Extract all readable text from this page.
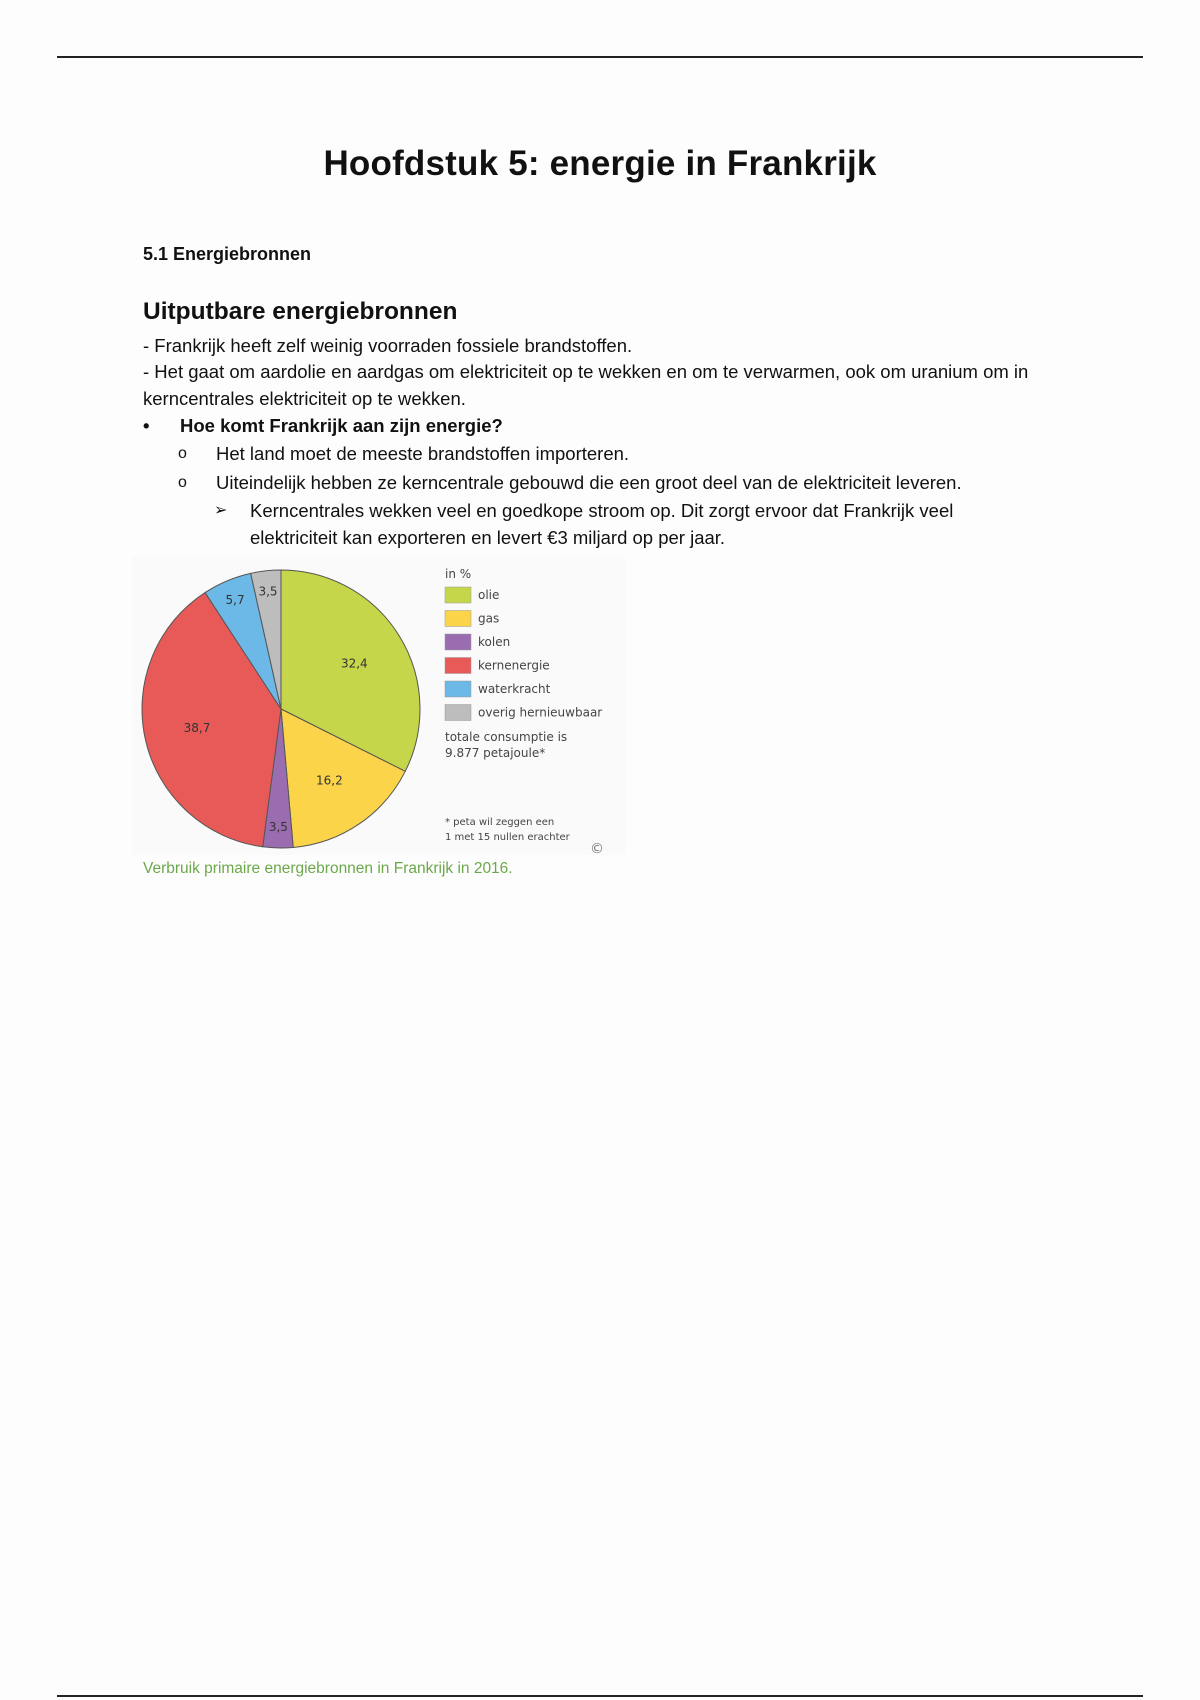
Hoofdstuk 5: energie in Frankrijk

5.1 Energiebronnen

Uitputbare energiebronnen

- Frankrijk heeft zelf weinig voorraden fossiele brandstoffen.

- Het gaat om aardolie en aardgas om elektriciteit op te wekken en om te verwarmen, ook om uranium om in kerncentrales elektriciteit op te wekken.

• Hoe komt Frankrijk aan zijn energie?
o Het land moet de meeste brandstoffen importeren.
o Uiteindelijk hebben ze kerncentrale gebouwd die een groot deel van de elektriciteit leveren.
➢ Kerncentrales wekken veel en goedkope stroom op. Dit zorgt ervoor dat Frankrijk veel elektriciteit kan exporteren en levert €3 miljard op per jaar.
32,4
16,2
3,5
38,7
5,7
3,5
in %
olie
gas
kolen
kernenergie
waterkracht
overig hernieuwbaar
totale consumptie is
9.877 petajoule*
* peta wil zeggen een
1 met 15 nullen erachter
©

Verbruik primaire energiebronnen in Frankrijk in 2016.
